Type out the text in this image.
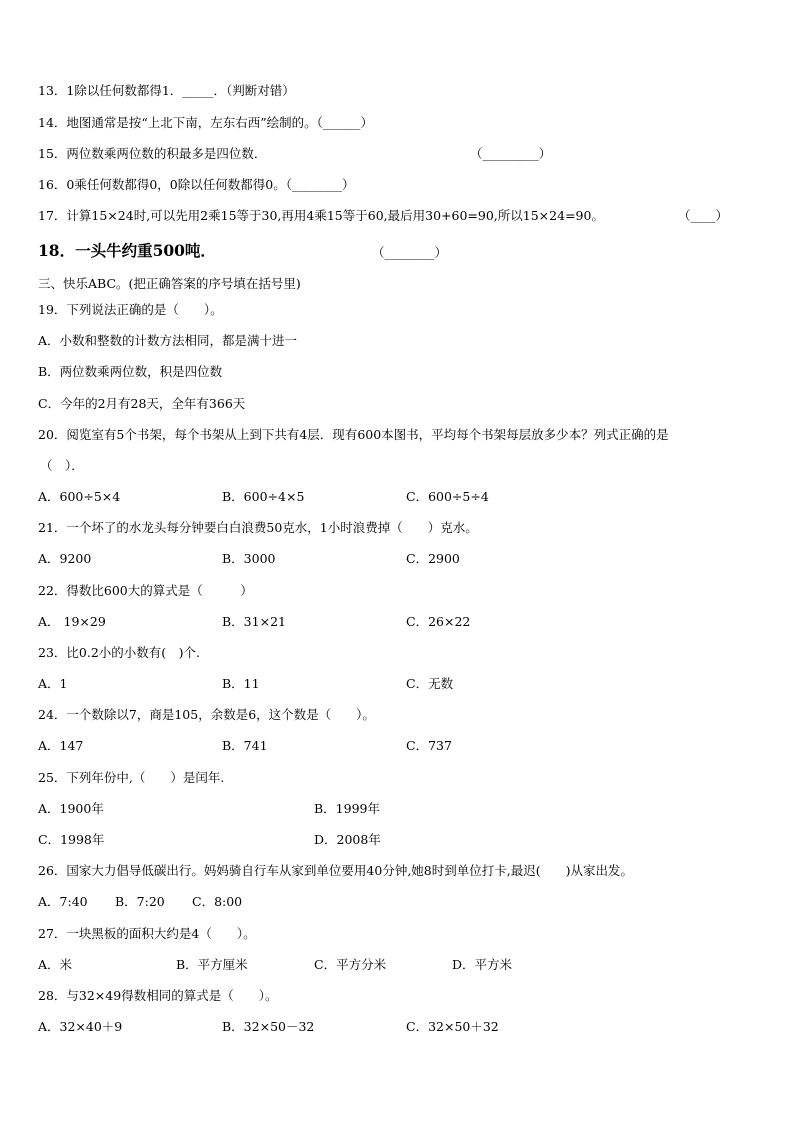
13．1除以任何数都得1．_____．（判断对错）
14．地图通常是按“上北下南，左东右西”绘制的。（______）
15．两位数乘两位数的积最多是四位数．	（_________）
16．0乘任何数都得0，0除以任何数都得0。（________）
17．计算15×24时,可以先用2乘15等于30,再用4乘15等于60,最后用30+60=90,所以15×24=90。	（____）
18．一头牛约重500吨．	（________）
三、快乐ABC。(把正确答案的序号填在括号里)
19．下列说法正确的是（　　）。
A．小数和整数的计数方法相同，都是满十进一
B．两位数乘两位数，积是四位数
C．今年的2月有28天，全年有366天
20．阅览室有5个书架，每个书架从上到下共有4层．现有600本图书，平均每个书架每层放多少本？列式正确的是
（　）．
A．600÷5×4	B．600÷4×5	C．600÷5÷4
21．一个坏了的水龙头每分钟要白白浪费50克水，1小时浪费掉（　　）克水。
A．9200	B．3000	C．2900
22．得数比600大的算式是（　　　）
A． 19×29	B．31×21	C．26×22
23．比0.2小的小数有(　)个.
A．1	B．11	C．无数
24．一个数除以7，商是105，余数是6，这个数是（　　）。
A．147	B．741	C．737
25．下列年份中,（　　）是闰年.
A．1900年	B．1999年
C．1998年	D．2008年
26．国家大力倡导低碳出行。妈妈骑自行车从家到单位要用40分钟,她8时到单位打卡,最迟(　　)从家出发。
A．7:40 B．7:20 C．8:00
27．一块黑板的面积大约是4（　　）。
A．米	B．平方厘米	C．平方分米	D．平方米
28．与32×49得数相同的算式是（　　）。
A．32×40＋9	B．32×50－32	C．32×50＋32
